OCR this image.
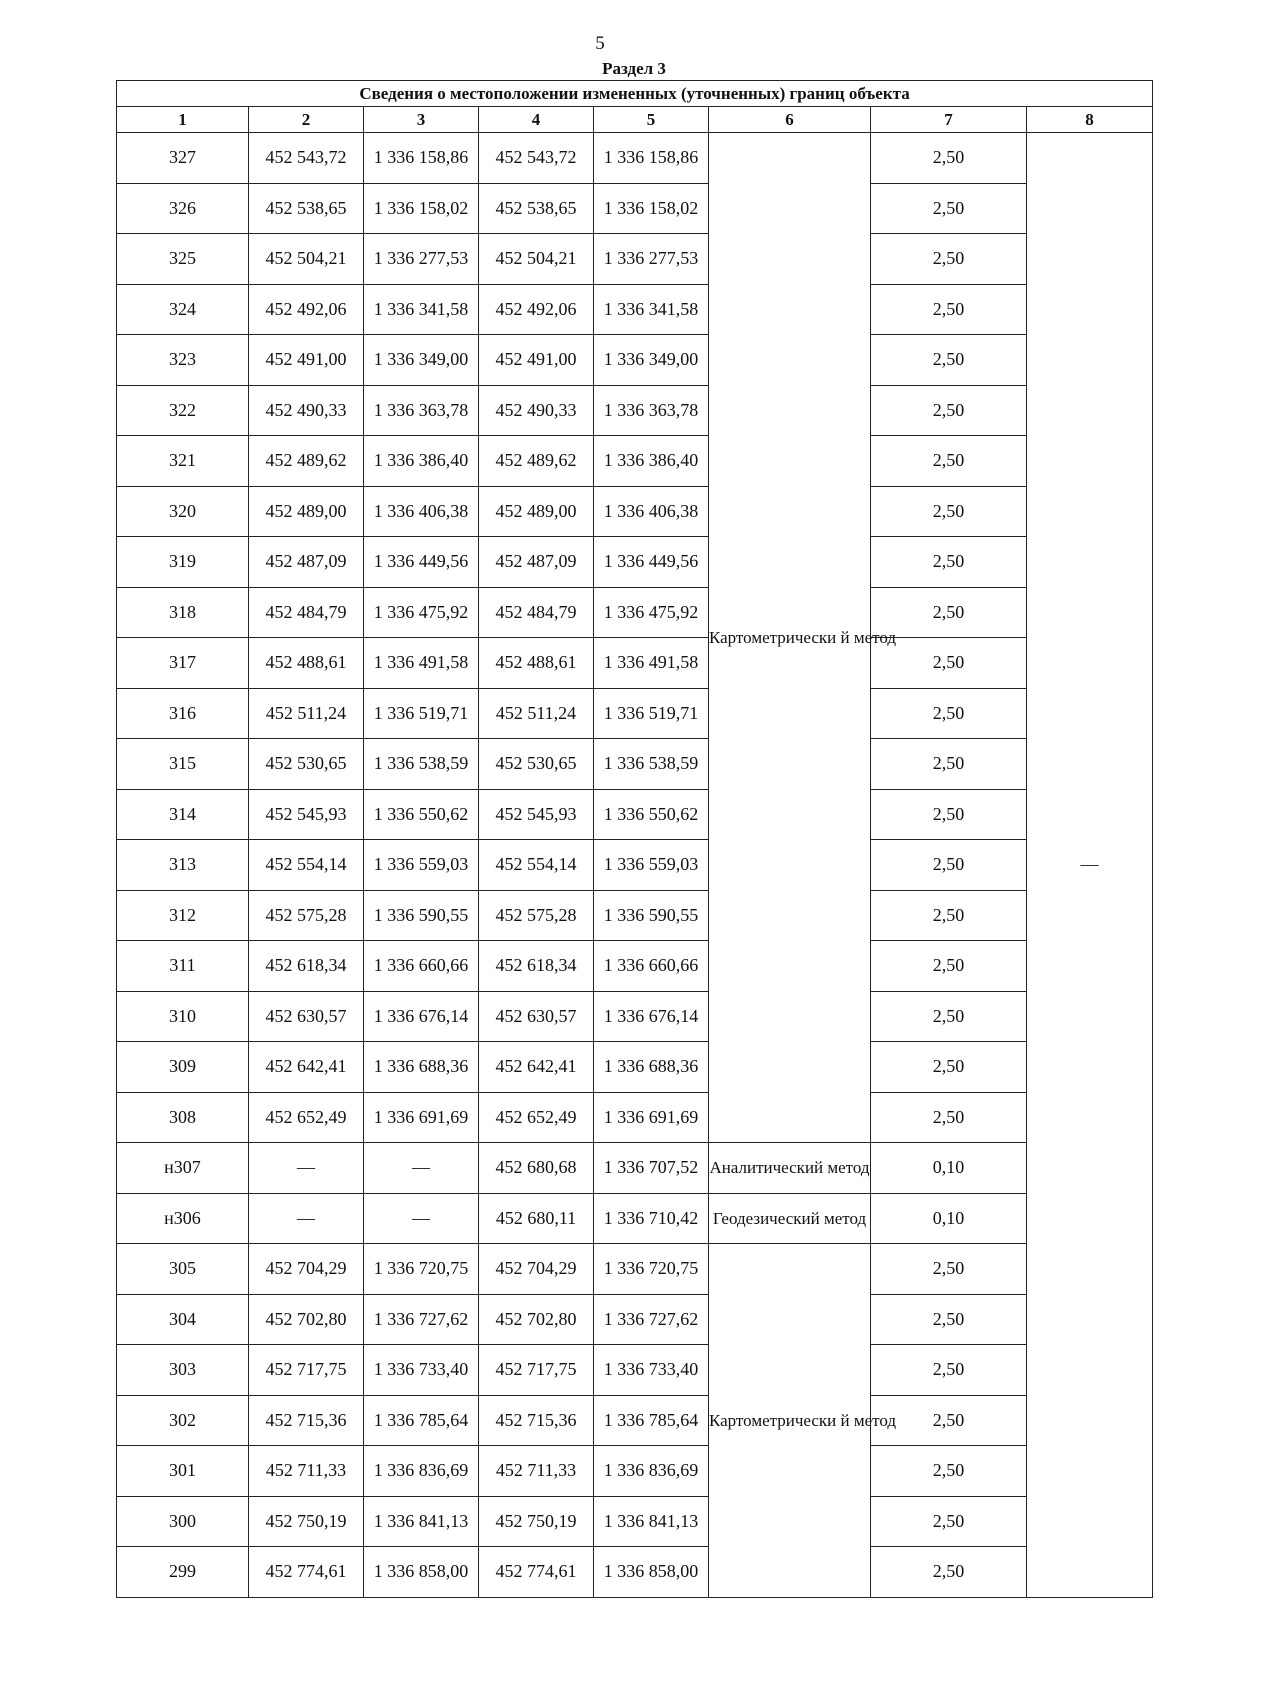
5
Раздел 3
Сведения о местоположении измененных (уточненных) границ объекта							
1	2	3	4	5	6	7	8
327	452 543,72	1 336 158,86	452 543,72	1 336 158,86	Картометрически й метод	2,50	—
326	452 538,65	1 336 158,02	452 538,65	1 336 158,02		2,50	
325	452 504,21	1 336 277,53	452 504,21	1 336 277,53		2,50	
324	452 492,06	1 336 341,58	452 492,06	1 336 341,58		2,50	
323	452 491,00	1 336 349,00	452 491,00	1 336 349,00		2,50	
322	452 490,33	1 336 363,78	452 490,33	1 336 363,78		2,50	
321	452 489,62	1 336 386,40	452 489,62	1 336 386,40		2,50	
320	452 489,00	1 336 406,38	452 489,00	1 336 406,38		2,50	
319	452 487,09	1 336 449,56	452 487,09	1 336 449,56		2,50	
318	452 484,79	1 336 475,92	452 484,79	1 336 475,92		2,50	
317	452 488,61	1 336 491,58	452 488,61	1 336 491,58		2,50	
316	452 511,24	1 336 519,71	452 511,24	1 336 519,71		2,50	
315	452 530,65	1 336 538,59	452 530,65	1 336 538,59		2,50	
314	452 545,93	1 336 550,62	452 545,93	1 336 550,62		2,50	
313	452 554,14	1 336 559,03	452 554,14	1 336 559,03		2,50	
312	452 575,28	1 336 590,55	452 575,28	1 336 590,55		2,50	
311	452 618,34	1 336 660,66	452 618,34	1 336 660,66		2,50	
310	452 630,57	1 336 676,14	452 630,57	1 336 676,14		2,50	
309	452 642,41	1 336 688,36	452 642,41	1 336 688,36		2,50	
308	452 652,49	1 336 691,69	452 652,49	1 336 691,69		2,50	
н307	—	—	452 680,68	1 336 707,52	Аналитический метод	0,10	
н306	—	—	452 680,11	1 336 710,42	Геодезический метод	0,10	
305	452 704,29	1 336 720,75	452 704,29	1 336 720,75	Картометрически й метод	2,50	
304	452 702,80	1 336 727,62	452 702,80	1 336 727,62		2,50	
303	452 717,75	1 336 733,40	452 717,75	1 336 733,40		2,50	
302	452 715,36	1 336 785,64	452 715,36	1 336 785,64		2,50	
301	452 711,33	1 336 836,69	452 711,33	1 336 836,69		2,50	
300	452 750,19	1 336 841,13	452 750,19	1 336 841,13		2,50	
299	452 774,61	1 336 858,00	452 774,61	1 336 858,00		2,50	
